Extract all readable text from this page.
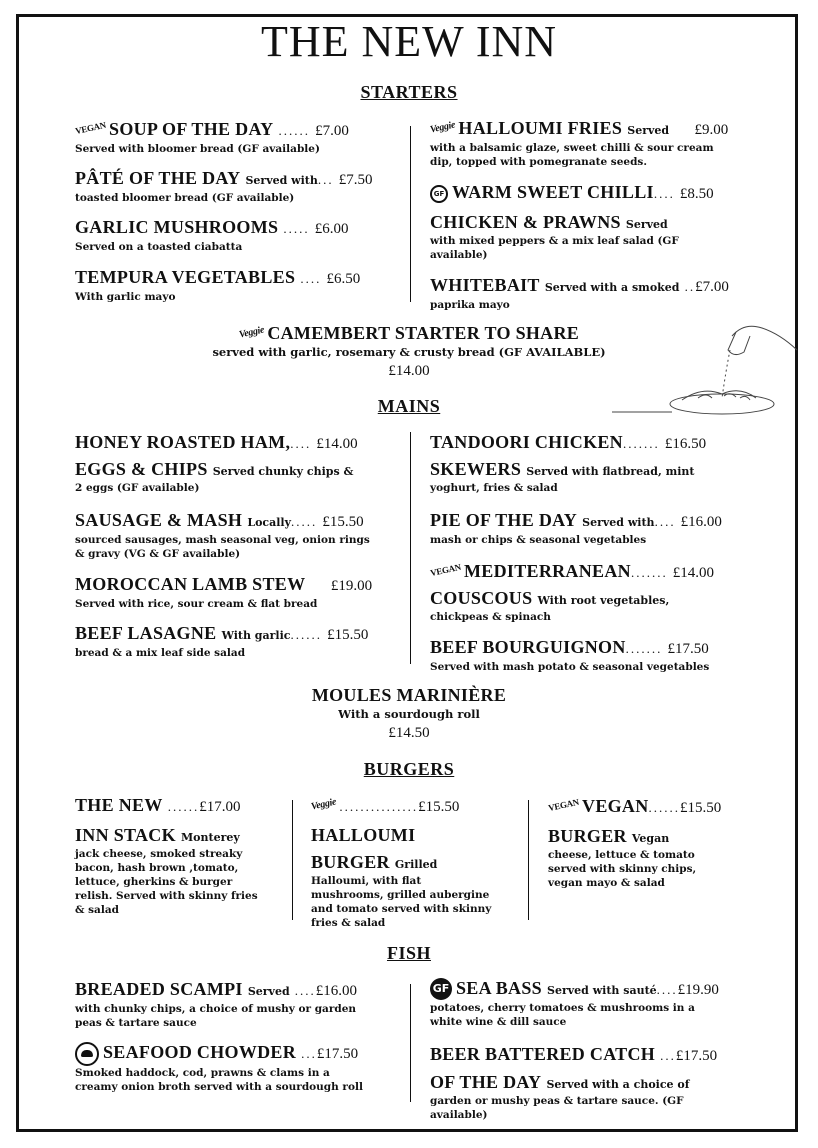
THE NEW INN
STARTERS
VEGAN SOUP OF THE DAY ...... £7.00
Served with bloomer bread (GF available)
PÂTÉ OF THE DAY Served with... £7.50
toasted bloomer bread (GF available)
GARLIC MUSHROOMS ..... £6.00
Served on a toasted ciabatta
TEMPURA VEGETABLES .... £6.50
With garlic mayo
Veggie HALLOUMI FRIES Served £9.00
with a balsamic glaze, sweet chilli & sour cream dip, topped with pomegranate seeds.
GF WARM SWEET CHILLI.... £8.50
CHICKEN & PRAWNS Served
with mixed peppers & a mix leaf salad (GF available)
WHITEBAIT Served with a smoked ..£7.00
paprika mayo
Veggie CAMEMBERT STARTER TO SHARE
served with garlic, rosemary & crusty bread (GF AVAILABLE)
£14.00
MAINS
HONEY ROASTED HAM,.... £14.00
EGGS & CHIPS Served chunky chips &
2 eggs (GF available)
SAUSAGE & MASH Locally..... £15.50
sourced sausages, mash seasonal veg, onion rings & gravy (VG & GF available)
MOROCCAN LAMB STEW £19.00
Served with rice, sour cream & flat bread
BEEF LASAGNE With garlic...... £15.50
bread & a mix leaf side salad
TANDOORI CHICKEN....... £16.50
SKEWERS Served with flatbread, mint
yoghurt, fries & salad
PIE OF THE DAY Served with.... £16.00
mash or chips & seasonal vegetables
VEGAN MEDITERRANEAN....... £14.00
COUSCOUS With root vegetables,
chickpeas & spinach
BEEF BOURGUIGNON....... £17.50
Served with mash potato & seasonal vegetables
MOULES MARINIÈRE
With a sourdough roll
£14.50
BURGERS
THE NEW ......£17.00
INN STACK Monterey
jack cheese, smoked streaky bacon, hash brown ,tomato, lettuce, gherkins & burger relish. Served with skinny fries & salad
Veggie ...............£15.50
HALLOUMI
BURGER Grilled
Halloumi, with flat mushrooms, grilled aubergine and tomato served with skinny fries & salad
VEGAN VEGAN......£15.50
BURGER Vegan
cheese, lettuce & tomato served with skinny chips, vegan mayo & salad
FISH
BREADED SCAMPI Served ....£16.00
with chunky chips, a choice of mushy or garden peas & tartare sauce
SEAFOOD CHOWDER ...£17.50
Smoked haddock, cod, prawns & clams in a creamy onion broth served with a sourdough roll
GF SEA BASS Served with sauté....£19.90
potatoes, cherry tomatoes & mushrooms in a white wine & dill sauce
BEER BATTERED CATCH ...£17.50
OF THE DAY Served with a choice of
garden or mushy peas & tartare sauce. (GF available)
